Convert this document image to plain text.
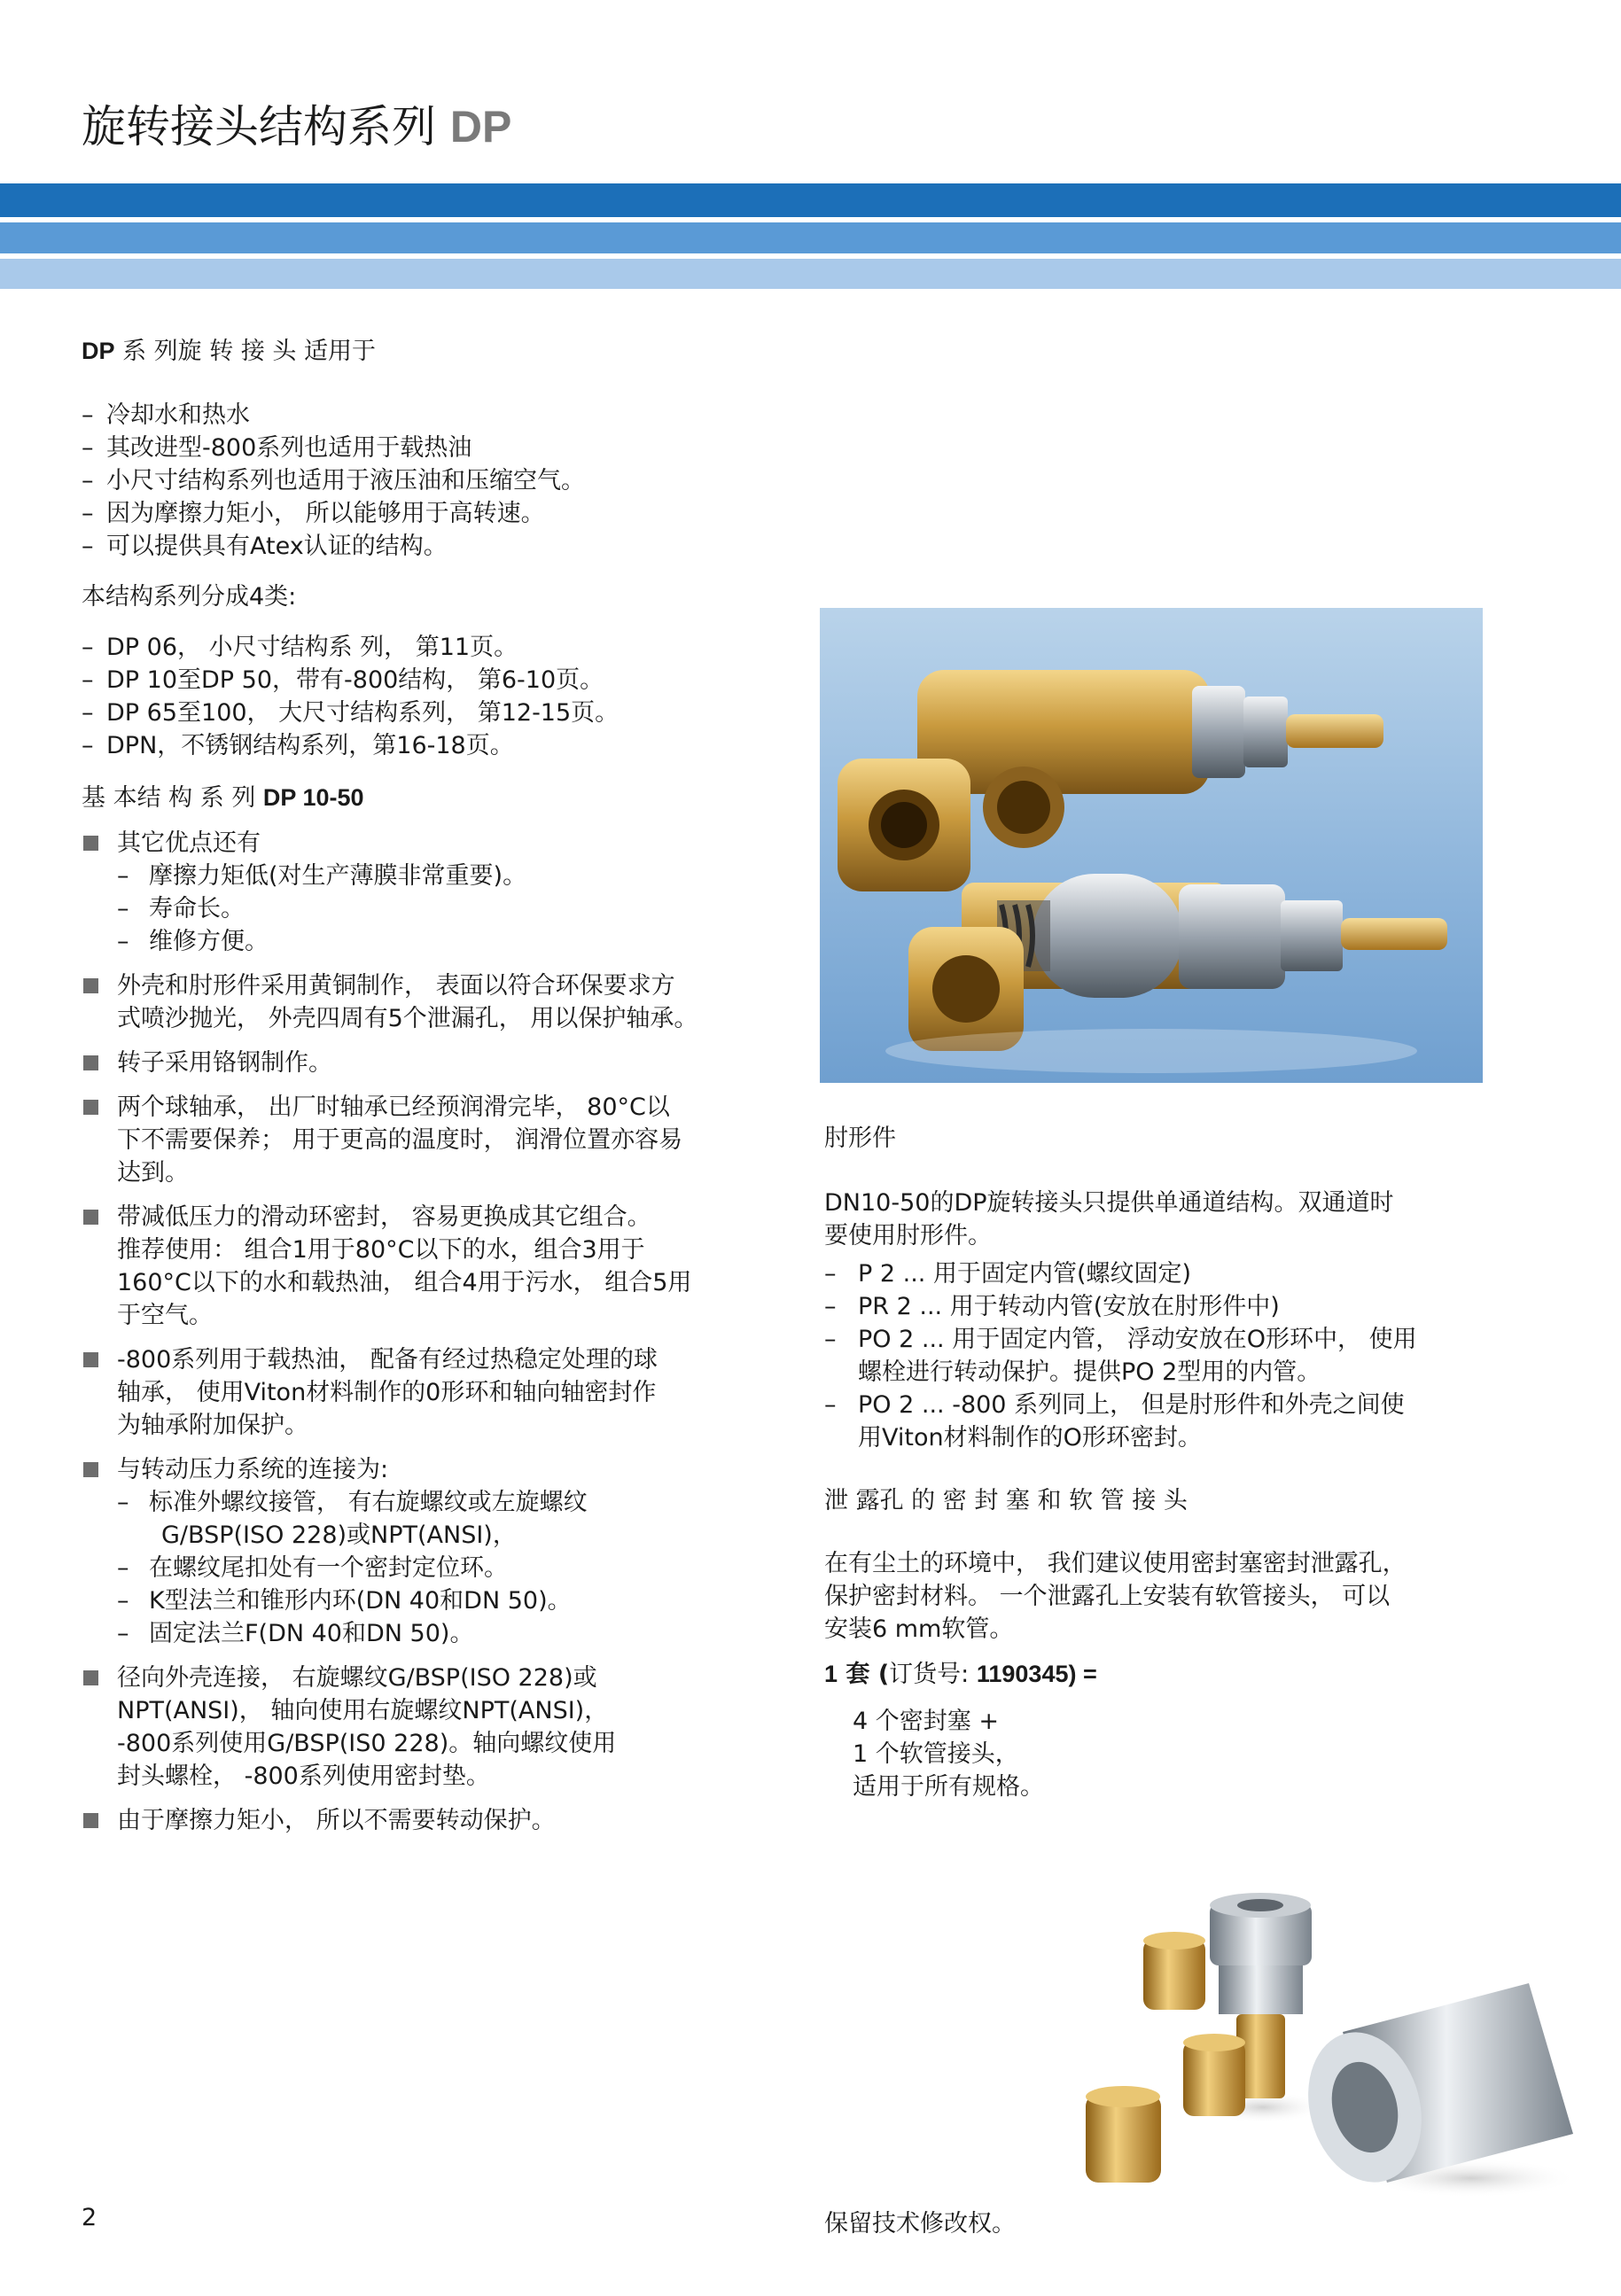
旋转接头结构系列 DP

DP 系 列旋 转 接 头 适用于

– 冷却水和热水
– 其改进型-800系列也适用于载热油
– 小尺寸结构系列也适用于液压油和压缩空气。
– 因为摩擦力矩小， 所以能够用于高转速。
– 可以提供具有Atex认证的结构。

本结构系列分成4类:

– DP 06， 小尺寸结构系 列， 第11页。
– DP 10至DP 50，带有-800结构， 第6-10页。
– DP 65至100， 大尺寸结构系列， 第12-15页。
– DPN，不锈钢结构系列，第16-18页。

基 本结 构 系 列 DP 10-50

其它优点还有
– 摩擦力矩低(对生产薄膜非常重要)。
– 寿命长。
– 维修方便。
外壳和肘形件采用黄铜制作， 表面以符合环保要求方
式喷沙抛光， 外壳四周有5个泄漏孔， 用以保护轴承。
转子采用铬钢制作。
两个球轴承， 出厂时轴承已经预润滑完毕， 80°C以
下不需要保养； 用于更高的温度时， 润滑位置亦容易
达到。
带减低压力的滑动环密封， 容易更换成其它组合。
推荐使用： 组合1用于80°C以下的水，组合3用于
160°C以下的水和载热油， 组合4用于污水， 组合5用
于空气。
-800系列用于载热油， 配备有经过热稳定处理的球
轴承， 使用Viton材料制作的0形环和轴向轴密封作
为轴承附加保护。
与转动压力系统的连接为:
– 标准外螺纹接管， 有右旋螺纹或左旋螺纹
G/BSP(ISO 228)或NPT(ANSI)，
– 在螺纹尾扣处有一个密封定位环。
– K型法兰和锥形内环(DN 40和DN 50)。
– 固定法兰F(DN 40和DN 50)。
径向外壳连接， 右旋螺纹G/BSP(ISO 228)或
NPT(ANSI)， 轴向使用右旋螺纹NPT(ANSI)，
-800系列使用G/BSP(IS0 228)。轴向螺纹使用
封头螺栓， -800系列使用密封垫。
由于摩擦力矩小， 所以不需要转动保护。

肘形件

DN10-50的DP旋转接头只提供单通道结构。双通道时
要使用肘形件。
– P 2 ... 用于固定内管(螺纹固定)
– PR 2 ... 用于转动内管(安放在肘形件中)
– PO 2 ... 用于固定内管， 浮动安放在O形环中， 使用
螺栓进行转动保护。提供PO 2型用的内管。
– PO 2 ... -800 系列同上， 但是肘形件和外壳之间使
用Viton材料制作的O形环密封。

泄 露孔 的 密 封 塞 和 软 管 接 头

在有尘土的环境中， 我们建议使用密封塞密封泄露孔，
保护密封材料。 一个泄露孔上安装有软管接头， 可以
安装6 mm软管。

1 套 (订货号: 1190345) =

4 个密封塞 +
1 个软管接头，
适用于所有规格。
2	保留技术修改权。
